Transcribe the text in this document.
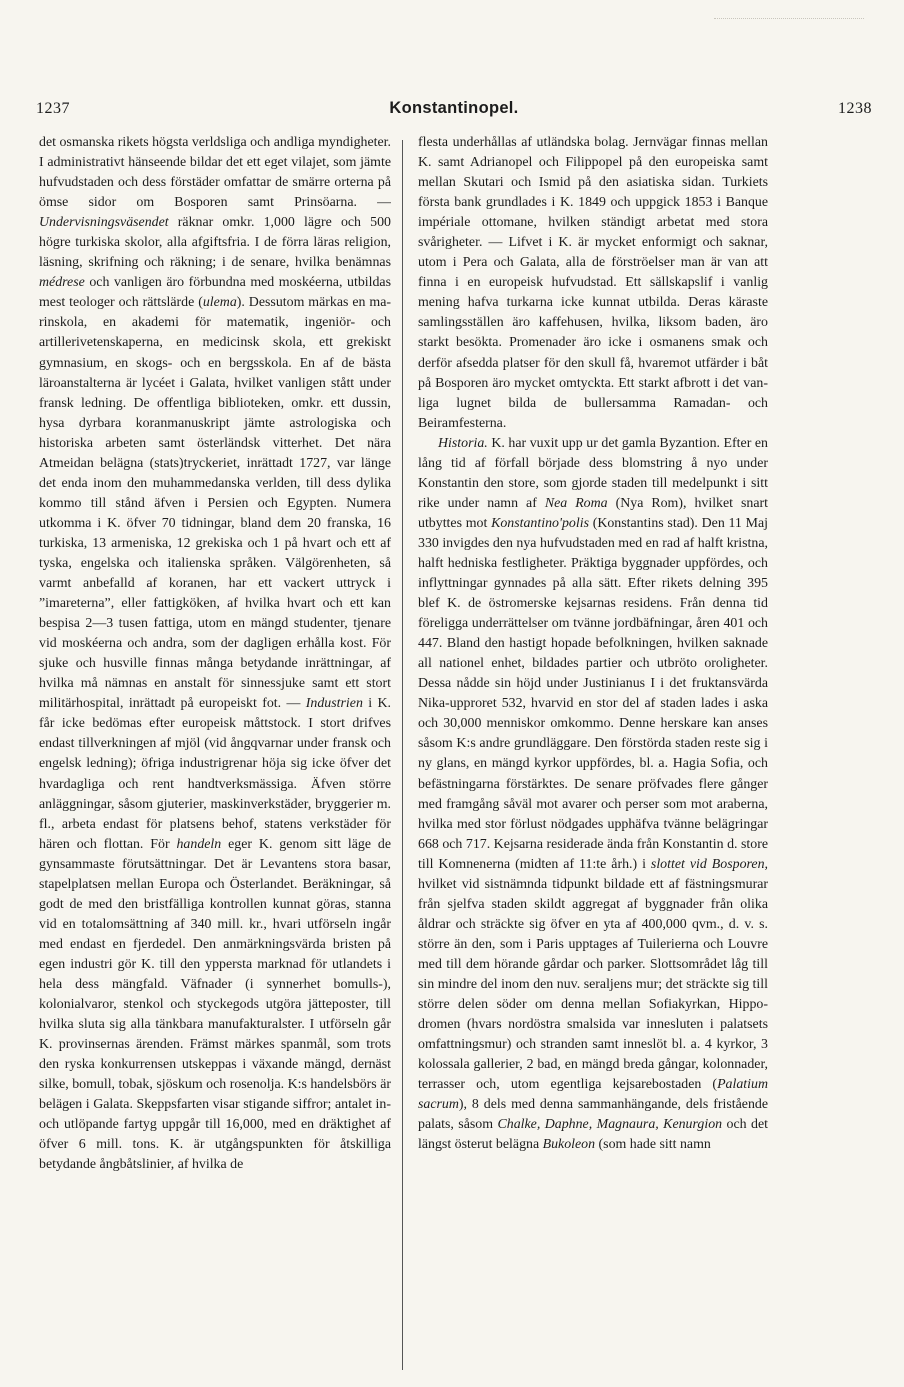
1237	Konstantinopel.	1238

det osmanska rikets högsta verldsliga och andliga myndigheter. I administrativt hänseende bildar det ett eget vilajet, som jämte hufvudstaden och dess förstäder omfattar de smärre orterna på ömse sidor om Bosporen samt Prinsöarna. — Undervisningsväsendet räknar omkr. 1,000 lägre och 500 högre turkiska skolor, alla afgiftsfria. I de förra läras religion, läsning, skrifning och räkning; i de senare, hvilka benämnas médrese och vanligen äro förbundna med moskéerna, utbildas mest teologer och rättslärde (ulema). Dessutom märkas en marinskola, en akademi för matematik, ingeniör- och artillerivetenskaperna, en medicinsk skola, ett grekiskt gymnasium, en skogs- och en bergsskola. En af de bästa läroanstalterna är lycéet i Galata, hvilket vanligen stått under fransk ledning. De offentliga biblioteken, omkr. ett dussin, hysa dyrbara koranmanuskript jämte astrologiska och historiska arbeten samt österländsk vitterhet. Det nära Atmeidan belägna (stats)tryckeriet, inrättadt 1727, var länge det enda inom den muhammedanska verlden, till dess dylika kommo till stånd äfven i Persien och Egypten. Numera utkomma i K. öfver 70 tidningar, bland dem 20 franska, 16 turkiska, 13 armeniska, 12 grekiska och 1 på hvart och ett af tyska, engelska och italienska språken. Välgörenheten, så varmt anbefalld af koranen, har ett vackert uttryck i ”imareterna”, eller fattigköken, af hvilka hvart och ett kan bespisa 2—3 tusen fattiga, utom en mängd studenter, tjenare vid moskéerna och andra, som der dagligen erhålla kost. För sjuke och husville finnas många betydande inrättningar, af hvilka må nämnas en anstalt för sinnessjuke samt ett stort militärhospital, inrättadt på europeiskt fot. — Industrien i K. får icke bedömas efter europeisk måttstock. I stort drifves endast tillverkningen af mjöl (vid ångqvarnar under fransk och engelsk ledning); öfriga industrigrenar höja sig icke öfver det hvardagliga och rent handtverksmässiga. Äfven större anläggningar, såsom gjuterier, maskinverkstäder, bryggerier m. fl., arbeta endast för platsens behof, statens verkstäder för hären och flottan. För handeln eger K. genom sitt läge de gynsammaste förutsättningar. Det är Levantens stora basar, stapelplatsen mellan Europa och Österlandet. Beräkningar, så godt de med den bristfälliga kontrollen kunnat göras, stanna vid en totalomsättning af 340 mill. kr., hvari utförseln ingår med endast en fjerdedel. Den anmärkningsvärda bristen på egen industri gör K. till den yppersta marknad för utlandets i hela dess mängfald. Väfnader (i synnerhet bomulls-), kolonialvaror, stenkol och styckegods utgöra jätteposter, till hvilka sluta sig alla tänkbara manufakturalster. I utförseln går K. provinsernas ärenden. Främst märkes spanmål, som trots den ryska konkurrensen utskeppas i växande mängd, dernäst silke, bomull, tobak, sjöskum och rosenolja. K:s handelsbörs är belägen i Galata. Skeppsfarten visar stigande siffror; antalet in- och utlöpande fartyg uppgår till 16,000, med en dräktighet af öfver 6 mill. tons. K. är utgångspunkten för åtskilliga betydande ångbåtslinier, af hvilka de

flesta underhållas af utländska bolag. Jernvägar finnas mellan K. samt Adrianopel och Filippopel på den europeiska samt mellan Skutari och Ismid på den asiatiska sidan. Turkiets första bank grundlades i K. 1849 och uppgick 1853 i Banque impériale ottomane, hvilken ständigt arbetat med stora svårigheter. — Lifvet i K. är mycket enformigt och saknar, utom i Pera och Galata, alla de förströelser man är van att finna i en europeisk hufvudstad. Ett sällskapslif i vanlig mening hafva turkarna icke kunnat utbilda. Deras käraste samlingsställen äro kaffehusen, hvilka, liksom baden, äro starkt besökta. Promenader äro icke i osmanens smak och derför afsedda platser för den skull få, hvaremot utfärder i båt på Bosporen äro mycket omtyckta. Ett starkt afbrott i det vanliga lugnet bilda de bullersamma Ramadan- och Beiramfesterna.

Historia. K. har vuxit upp ur det gamla Byzantion. Efter en lång tid af förfall började dess blomstring å nyo under Konstantin den store, som gjorde staden till medelpunkt i sitt rike under namn af Nea Roma (Nya Rom), hvilket snart utbyttes mot Konstantino'polis (Konstantins stad). Den 11 Maj 330 invigdes den nya hufvudstaden med en rad af halft kristna, halft hedniska festligheter. Präktiga byggnader uppfördes, och inflyttningar gynnades på alla sätt. Efter rikets delning 395 blef K. de östromerske kejsarnas residens. Från denna tid föreligga underrättelser om tvänne jordbäfningar, åren 401 och 447. Bland den hastigt hopade befolkningen, hvilken saknade all nationel enhet, bildades partier och utbröto oroligheter. Dessa nådde sin höjd under Justinianus I i det fruktansvärda Nika-upproret 532, hvarvid en stor del af staden lades i aska och 30,000 menniskor omkommo. Denne herskare kan anses såsom K:s andre grundläggare. Den förstörda staden reste sig i ny glans, en mängd kyrkor uppfördes, bl. a. Hagia Sofia, och befästningarna förstärktes. De senare pröfvades flere gånger med framgång såväl mot avarer och perser som mot araberna, hvilka med stor förlust nödgades upphäfva tvänne belägringar 668 och 717. Kejsarna residerade ända från Konstantin d. store till Komnenerna (midten af 11:te årh.) i slottet vid Bosporen, hvilket vid sistnämnda tidpunkt bildade ett af fästningsmurar från sjelfva staden skildt aggregat af byggnader från olika åldrar och sträckte sig öfver en yta af 400,000 qvm., d. v. s. större än den, som i Paris upptages af Tuilerierna och Louvre med till dem hörande gårdar och parker. Slottsområdet låg till sin mindre del inom den nuv. seraljens mur; det sträckte sig till större delen söder om denna mellan Sofiakyrkan, Hippodromen (hvars nordöstra smalsida var innesluten i palatsets omfattningsmur) och stranden samt inneslöt bl. a. 4 kyrkor, 3 kolossala gallerier, 2 bad, en mängd breda gångar, kolonnader, terrasser och, utom egentliga kejsarebostaden (Palatium sacrum), 8 dels med denna sammanhängande, dels fristående palats, såsom Chalke, Daphne, Magnaura, Kenurgion och det längst österut belägna Bukoleon (som hade sitt namn
